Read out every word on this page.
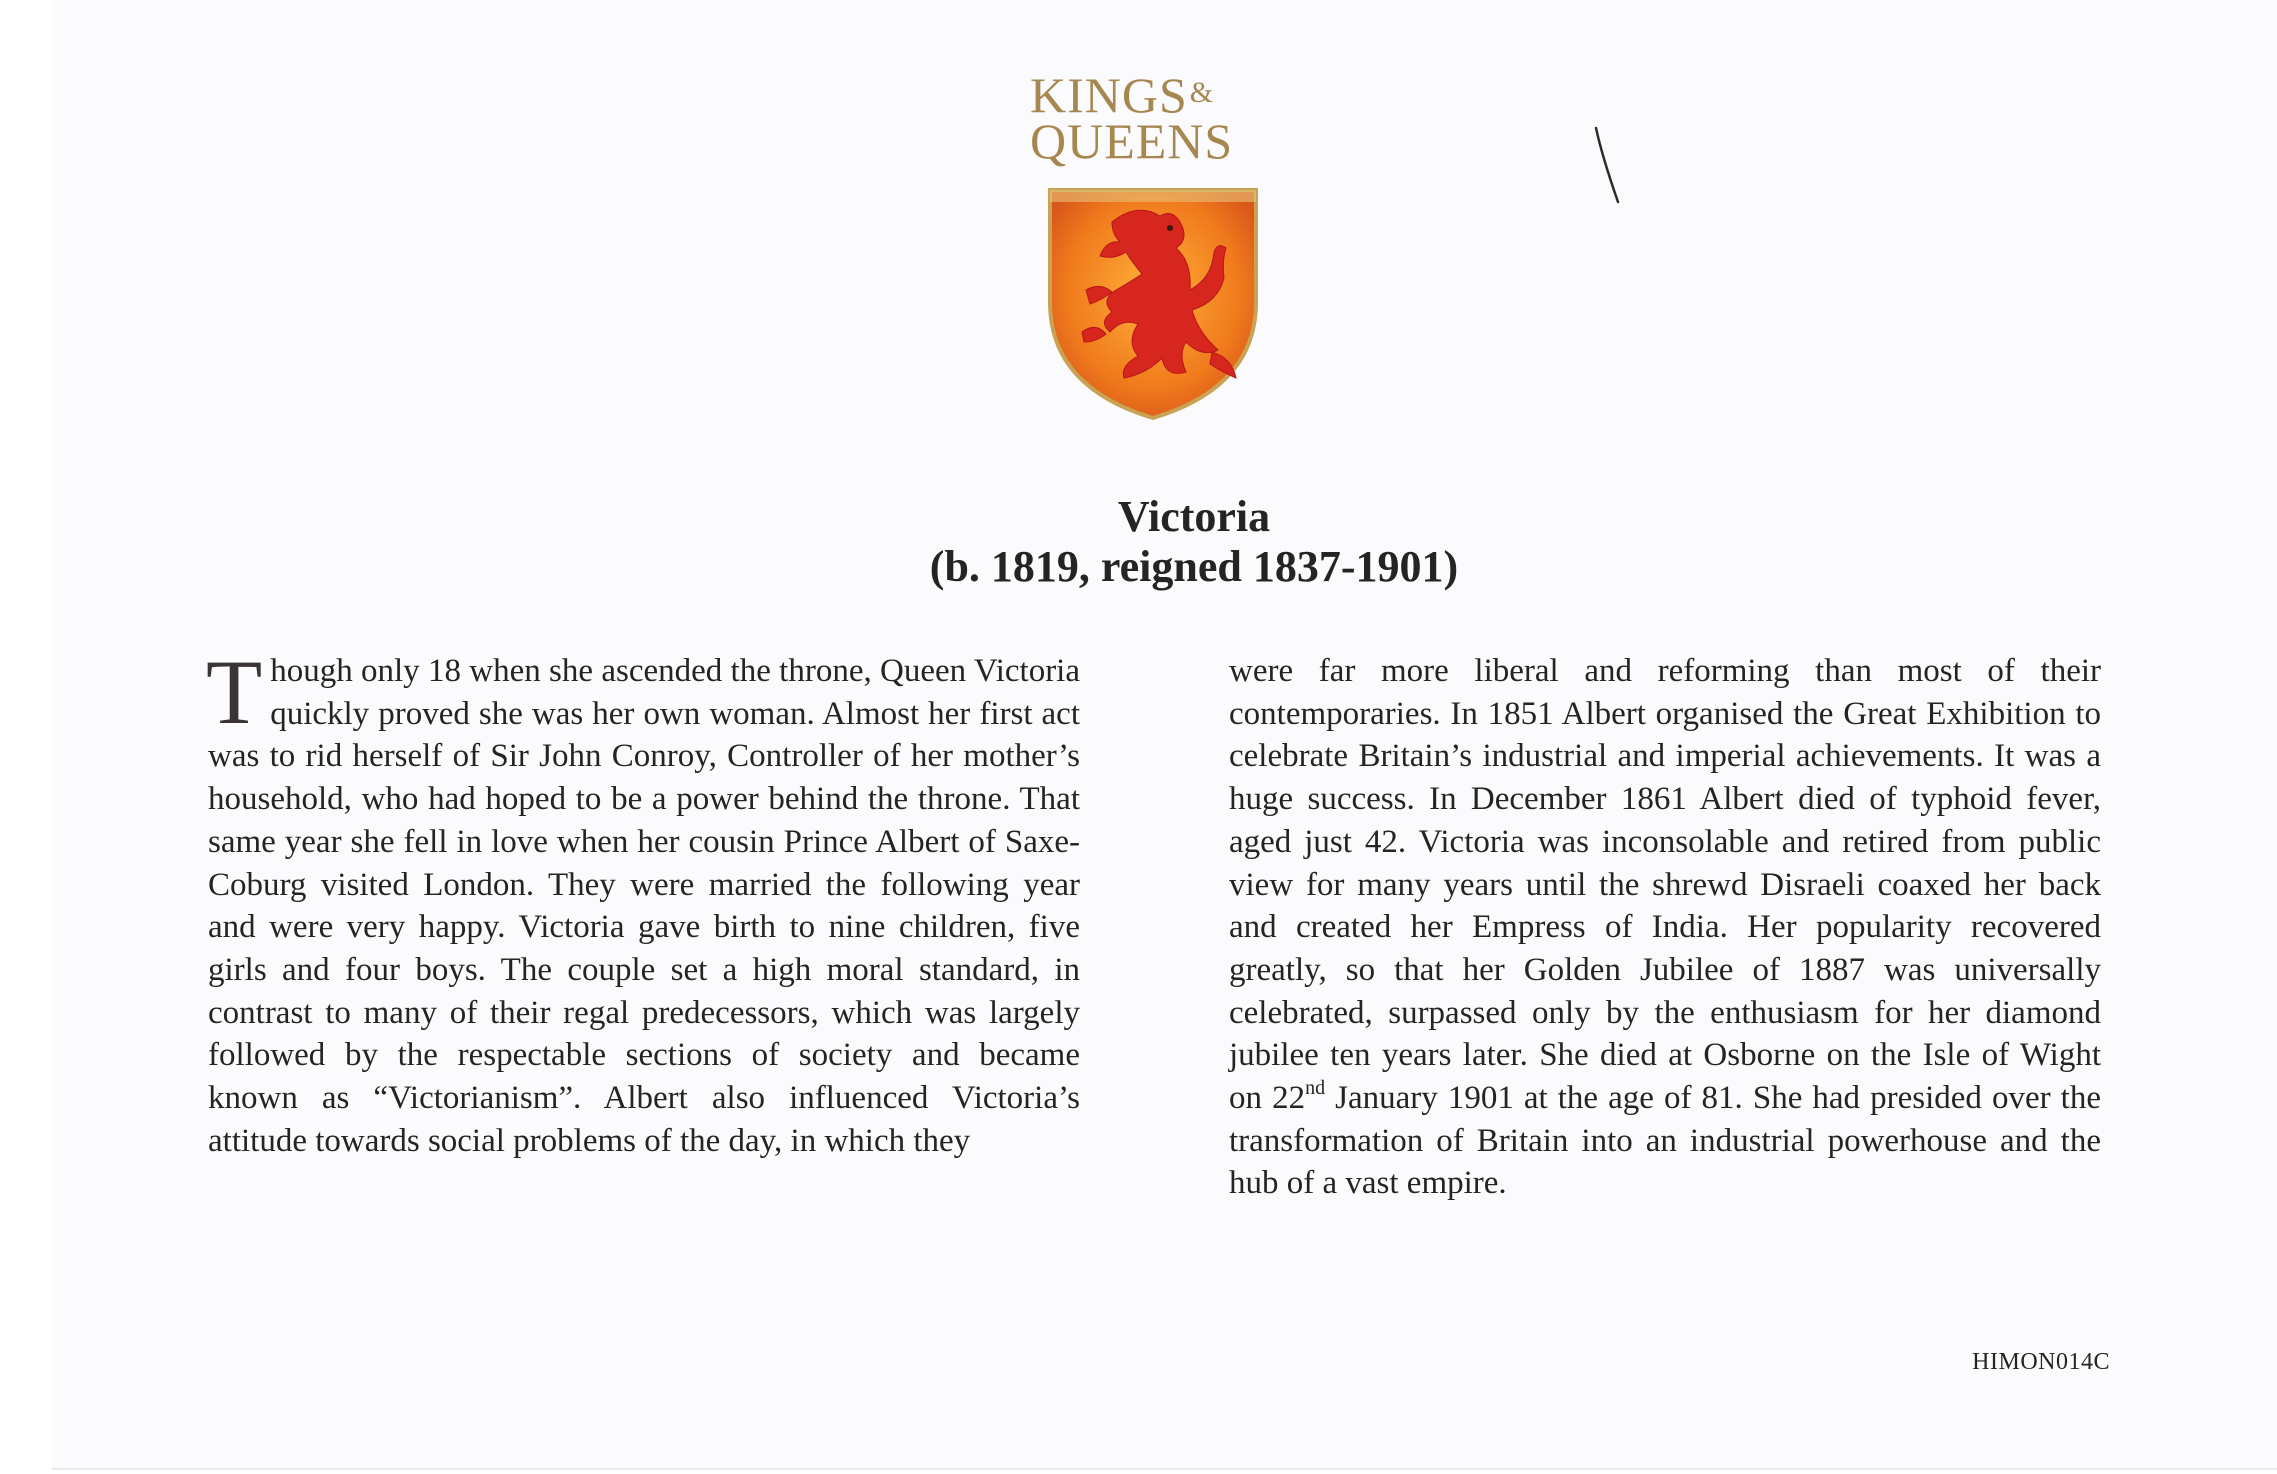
KINGS&
QUEENS
Victoria
(b. 1819, reigned 1837-1901)

Though only 18 when she ascended the throne, Queen Victoria quickly proved she was her own woman. Almost her first act was to rid herself of Sir John Conroy, Controller of her mother’s household, who had hoped to be a power behind the throne. That same year she fell in love when her cousin Prince Albert of Saxe-Coburg visited London. They were married the following year and were very happy. Victoria gave birth to nine children, five girls and four boys. The couple set a high moral standard, in contrast to many of their regal predecessors, which was largely followed by the respectable sections of society and became known as “Victorianism”. Albert also influenced Victoria’s attitude towards social problems of the day, in which they

were far more liberal and reforming than most of their contemporaries. In 1851 Albert organised the Great Exhibition to celebrate Britain’s industrial and imperial achievements. It was a huge success. In December 1861 Albert died of typhoid fever, aged just 42. Victoria was inconsolable and retired from public view for many years until the shrewd Disraeli coaxed her back and created her Empress of India. Her popularity recovered greatly, so that her Golden Jubilee of 1887 was universally celebrated, surpassed only by the enthusiasm for her diamond jubilee ten years later. She died at Osborne on the Isle of Wight on 22nd January 1901 at the age of 81. She had presided over the transformation of Britain into an industrial powerhouse and the hub of a vast empire.

HIMON014C
